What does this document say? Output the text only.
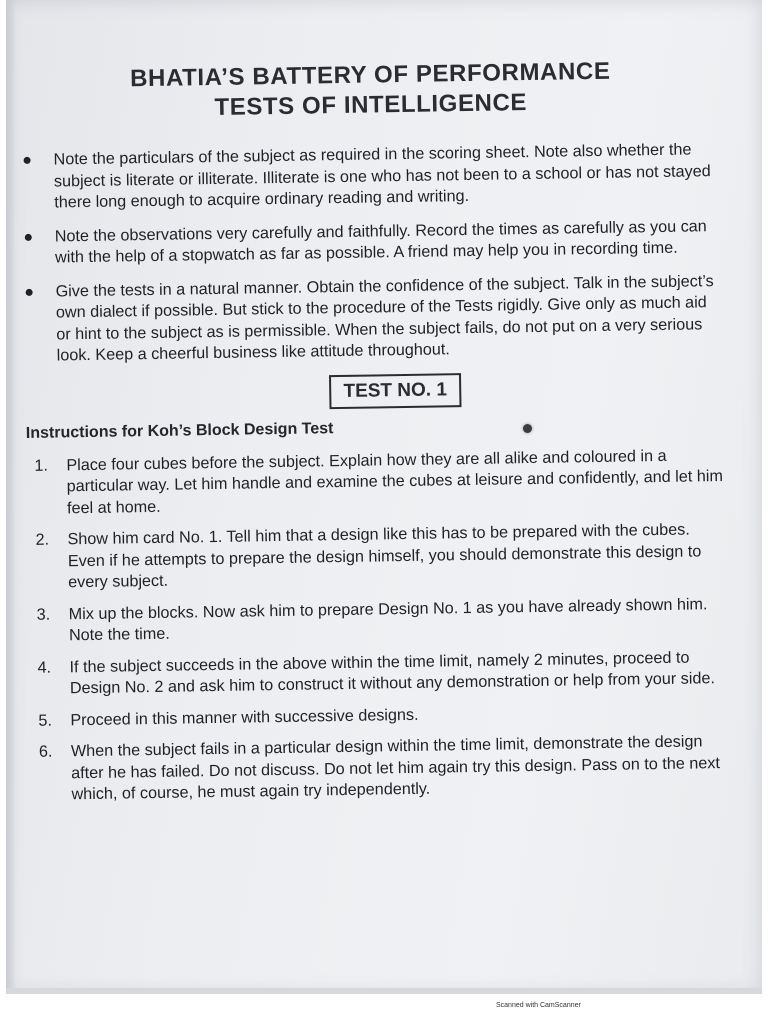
BHATIA’S BATTERY OF PERFORMANCE
TESTS OF INTELLIGENCE
Note the particulars of the subject as required in the scoring sheet. Note also whether the subject is literate or illiterate. Illiterate is one who has not been to a school or has not stayed there long enough to acquire ordinary reading and writing.
Note the observations very carefully and faithfully. Record the times as carefully as you can with the help of a stopwatch as far as possible. A friend may help you in recording time.
Give the tests in a natural manner. Obtain the confidence of the subject. Talk in the subject’s own dialect if possible. But stick to the procedure of the Tests rigidly. Give only as much aid or hint to the subject as is permissible. When the subject fails, do not put on a very serious look. Keep a cheerful business like attitude throughout.
TEST NO. 1
Instructions for Koh’s Block Design Test
1. Place four cubes before the subject. Explain how they are all alike and coloured in a particular way. Let him handle and examine the cubes at leisure and confidently, and let him feel at home.
2. Show him card No. 1. Tell him that a design like this has to be prepared with the cubes. Even if he attempts to prepare the design himself, you should demonstrate this design to every subject.
3. Mix up the blocks. Now ask him to prepare Design No. 1 as you have already shown him. Note the time.
4. If the subject succeeds in the above within the time limit, namely 2 minutes, proceed to Design No. 2 and ask him to construct it without any demonstration or help from your side.
5. Proceed in this manner with successive designs.
6. When the subject fails in a particular design within the time limit, demonstrate the design after he has failed. Do not discuss. Do not let him again try this design. Pass on to the next which, of course, he must again try independently.
Scanned with CamScanner
